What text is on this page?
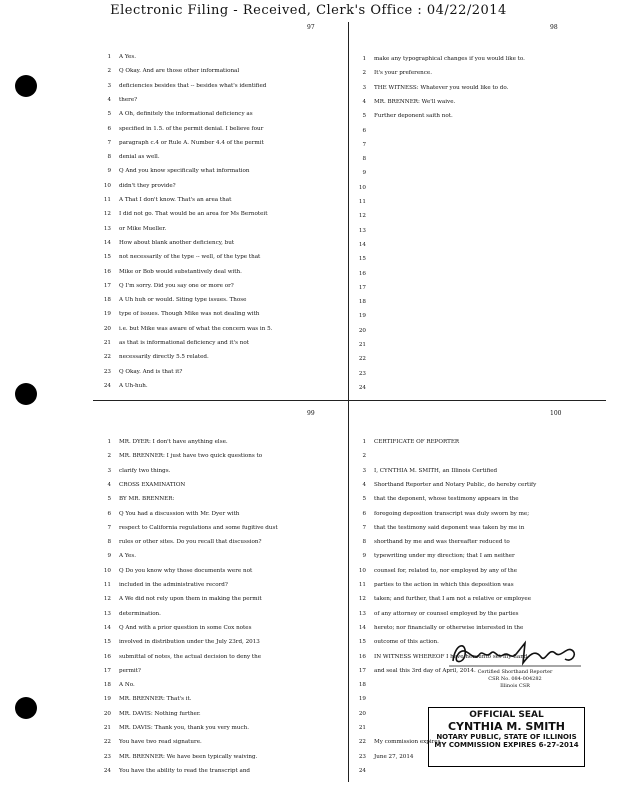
Electronic Filing - Received, Clerk's Office : 04/22/2014
97
1 A Yes.
2 Q Okay. And are those other informational
3 deficiencies besides that -- besides what's identified
4 there?
5 A Oh, definitely the informational deficiency as
6 specified in 1.5. of the permit denial. I believe four
7 paragraph c.4 or Rule A. Number 4.4 of the permit
8 denial as well.
9 Q And you know specifically what information
10 didn't they provide?
11 A That I don't know. That's an area that
12 I did not go. That would be an area for Ms Bernoteit
13 or Mike Mueller.
14 How about blank another deficiency, but
15 not necessarily of the type -- well, of the type that
16 Mike or Bob would substantively deal with.
17 Q I'm sorry. Did you say one or more or?
18 A Uh huh or would. Siting type issues. Those
19 type of issues. Though Mike was not dealing with
20 i.e. but Mike was aware of what the concern was in 5.
21 as that is informational deficiency and it's not
22 necessarily directly 5.5 related.
23 Q Okay. And is that it?
24 A Uh-huh.
98
1 make any typographical changes if you would like to.
2 It's your preference.
3 THE WITNESS: Whatever you would like to do.
4 MR. BRENNER: We'll waive.
5 Further deponent saith not.
6
7
8
9
10
11
12
13
14
15
16
17
18
19
20
21
22
23
24
99
1 MR. DYER: I don't have anything else.
2 MR. BRENNER: I just have two quick questions to
3 clarify two things.
4 CROSS EXAMINATION
5 BY MR. BRENNER:
6 Q You had a discussion with Mr. Dyer with
7 respect to California regulations and some fugitive dust
8 rules or other sites. Do you recall that discussion?
9 A Yes.
10 Q Do you know why those documents were not
11 included in the administrative record?
12 A We did not rely upon them in making the permit
13 determination.
14 Q And with a prior question in some Cox notes
15 involved in distribution under the July 23rd, 2013
16 submittal of notes, the actual decision to deny the
17 permit?
18 A No.
19 MR. BRENNER: That's it.
20 MR. DAVIS: Nothing further.
21 MR. DAVIS: Thank you, thank you very much.
22 You have two read signature.
23 MR. BRENNER: We have been typically waiving.
24 You have the ability to read the transcript and
100
1 CERTIFICATE OF REPORTER
2
3 I, CYNTHIA M. SMITH, an Illinois Certified
4 Shorthand Reporter and Notary Public, do hereby certify
5 that the deponent, whose testimony appears in the
6 foregoing deposition transcript was duly sworn by me;
7 that the testimony said deponent was taken by me in
8 shorthand by me and was thereafter reduced to
9 typewriting under my direction; that I am neither
10 counsel for, related to, nor employed by any of the
11 parties to the action in which this deposition was
12 taken; and further, that I am not a relative or employee
13 of any attorney or counsel employed by the parties
14 hereto; nor financially or otherwise interested in the
15 outcome of this action.
16 IN WITNESS WHEREOF I have hereunto set my hand
17 and seal this 3rd day of April, 2014.
18
19
20
21
22 My commission expires
23 June 27, 2014
24
Certified Shorthand Reporter
CSR No. 084-004282
Illinois CSR
OFFICIAL SEAL
CYNTHIA M. SMITH
NOTARY PUBLIC, STATE OF ILLINOIS
MY COMMISSION EXPIRES 6-27-2014
